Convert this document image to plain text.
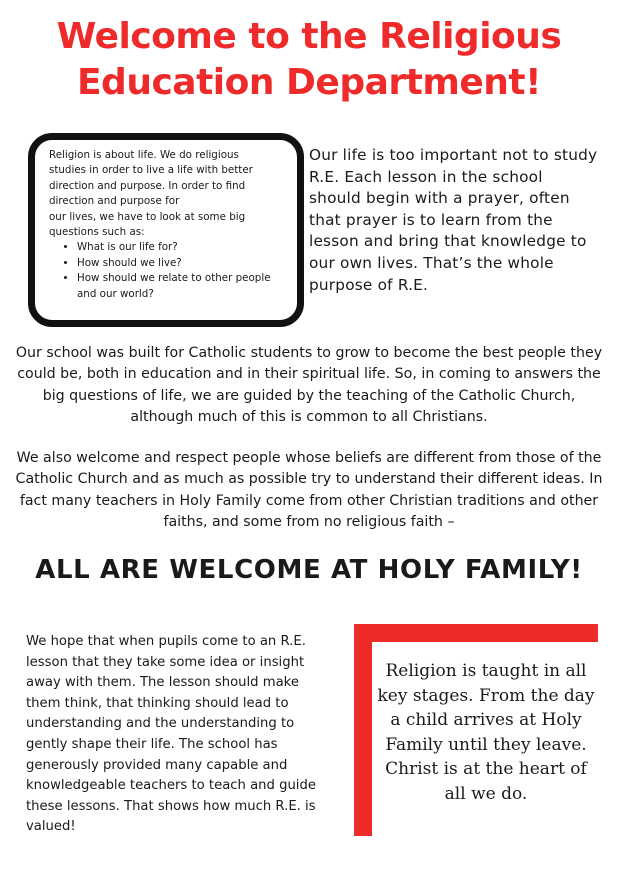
Welcome to the Religious
Education Department!

Religion is about life. We do religious
studies in order to live a life with better
direction and purpose. In order to find
direction and purpose for
our lives, we have to look at some big
questions such as:

• What is our life for?
• How should we live?
• How should we relate to other people and our world?
Our life is too important not to study R.E. Each lesson in the school should begin with a prayer, often that prayer is to learn from the lesson and bring that knowledge to our own lives. That’s the whole purpose of R.E.
Our school was built for Catholic students to grow to become the best people they could be, both in education and in their spiritual life. So, in coming to answers the big questions of life, we are guided by the teaching of the Catholic Church, although much of this is common to all Christians.
We also welcome and respect people whose beliefs are different from those of the Catholic Church and as much as possible try to understand their different ideas. In fact many teachers in Holy Family come from other Christian traditions and other faiths, and some from no religious faith –
ALL ARE WELCOME AT HOLY FAMILY!
We hope that when pupils come to an R.E. lesson that they take some idea or insight away with them. The lesson should make them think, that thinking should lead to understanding and the understanding to gently shape their life. The school has generously provided many capable and knowledgeable teachers to teach and guide these lessons. That shows how much R.E. is valued!
Religion is taught in all key stages. From the day a child arrives at Holy Family until they leave.
Christ is at the heart of all we do.
